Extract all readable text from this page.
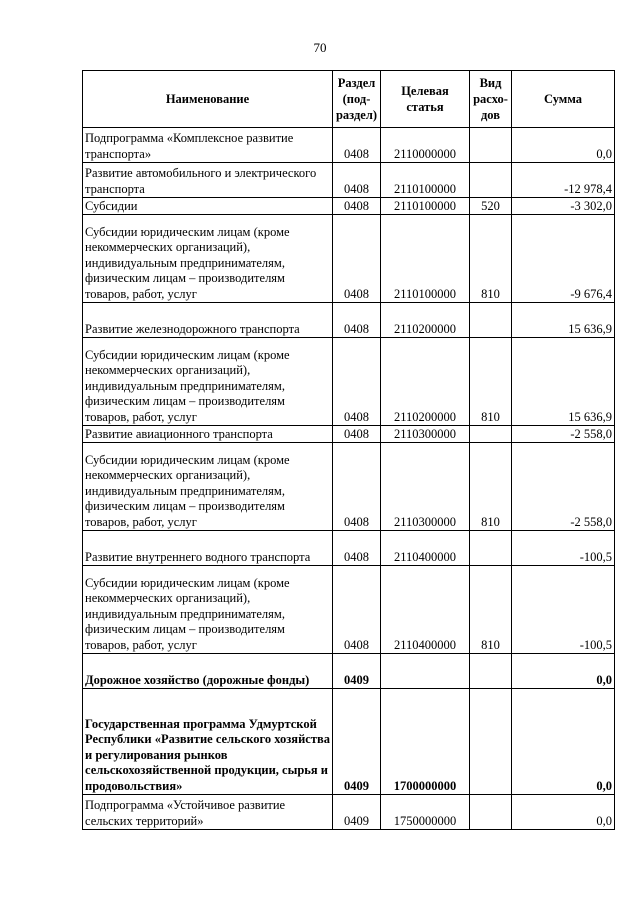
70
Наименование	Раздел (под-раздел)	Целевая статья	Вид расхо-дов	Сумма
Подпрограмма «Комплексное развитие транспорта»	0408	2110000000		0,0
Развитие автомобильного и электрического транспорта	0408	2110100000		-12 978,4
Субсидии	0408	2110100000	520	-3 302,0
Субсидии юридическим лицам (кроме некоммерческих организаций), индивидуальным предпринимателям, физическим лицам – производителям товаров, работ, услуг	0408	2110100000	810	-9 676,4
Развитие железнодорожного транспорта	0408	2110200000		15 636,9
Субсидии юридическим лицам (кроме некоммерческих организаций), индивидуальным предпринимателям, физическим лицам – производителям товаров, работ, услуг	0408	2110200000	810	15 636,9
Развитие авиационного транспорта	0408	2110300000		-2 558,0
Субсидии юридическим лицам (кроме некоммерческих организаций), индивидуальным предпринимателям, физическим лицам – производителям товаров, работ, услуг	0408	2110300000	810	-2 558,0
Развитие внутреннего водного транспорта	0408	2110400000		-100,5
Субсидии юридическим лицам (кроме некоммерческих организаций), индивидуальным предпринимателям, физическим лицам – производителям товаров, работ, услуг	0408	2110400000	810	-100,5
Дорожное хозяйство (дорожные фонды)	0409			0,0
Государственная программа Удмуртской Республики «Развитие сельского хозяйства и регулирования рынков сельскохозяйственной продукции, сырья и продовольствия»	0409	1700000000		0,0
Подпрограмма «Устойчивое развитие сельских территорий»	0409	1750000000		0,0
